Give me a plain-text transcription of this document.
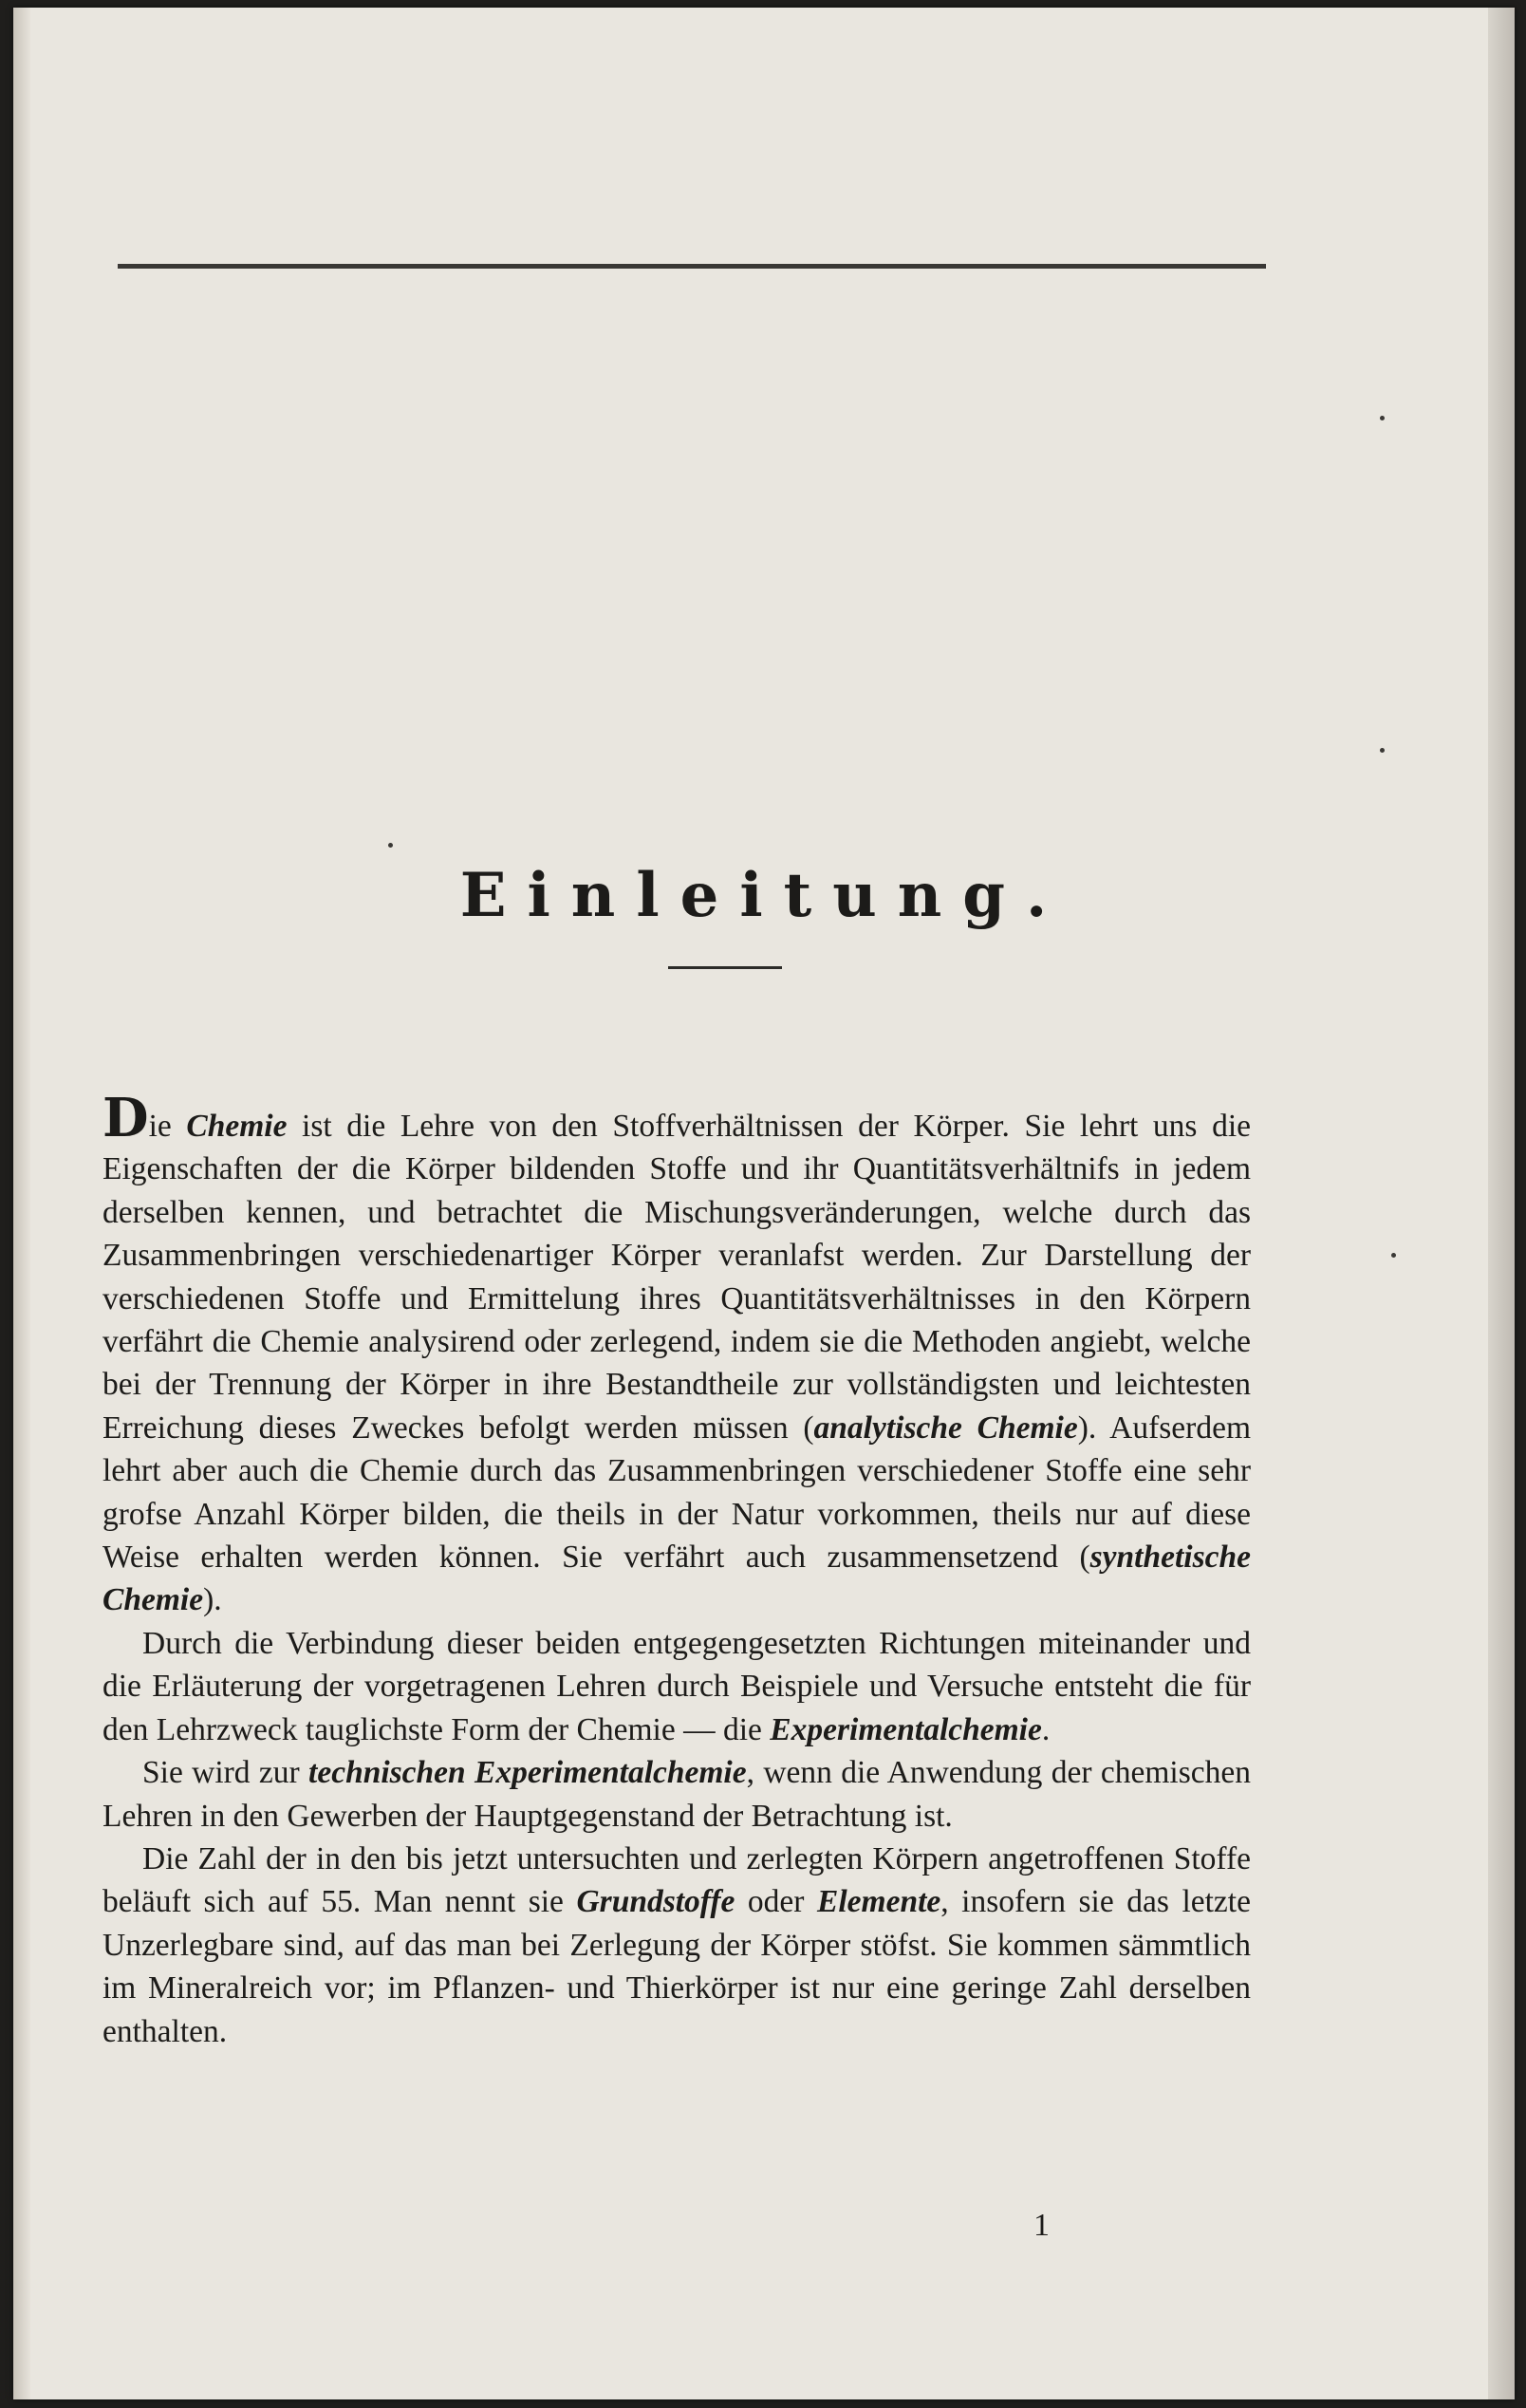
Einleitung.

Die Chemie ist die Lehre von den Stoffverhältnissen der Körper. Sie lehrt uns die Eigenschaften der die Körper bildenden Stoffe und ihr Quantitätsverhältnifs in jedem derselben kennen, und betrachtet die Mischungsveränderungen, welche durch das Zusammenbringen verschiedenartiger Körper veranlafst werden. Zur Darstellung der verschiedenen Stoffe und Ermittelung ihres Quantitätsverhältnisses in den Körpern verfährt die Chemie analysirend oder zerlegend, indem sie die Methoden angiebt, welche bei der Trennung der Körper in ihre Bestandtheile zur vollständigsten und leichtesten Erreichung dieses Zweckes befolgt werden müssen (analytische Chemie). Aufserdem lehrt aber auch die Chemie durch das Zusammenbringen verschiedener Stoffe eine sehr grofse Anzahl Körper bilden, die theils in der Natur vorkommen, theils nur auf diese Weise erhalten werden können. Sie verfährt auch zusammensetzend (synthetische Chemie).

Durch die Verbindung dieser beiden entgegengesetzten Richtungen miteinander und die Erläuterung der vorgetragenen Lehren durch Beispiele und Versuche entsteht die für den Lehrzweck tauglichste Form der Chemie — die Experimentalchemie.

Sie wird zur technischen Experimentalchemie, wenn die Anwendung der chemischen Lehren in den Gewerben der Hauptgegenstand der Betrachtung ist.

Die Zahl der in den bis jetzt untersuchten und zerlegten Körpern angetroffenen Stoffe beläuft sich auf 55. Man nennt sie Grundstoffe oder Elemente, insofern sie das letzte Unzerlegbare sind, auf das man bei Zerlegung der Körper stöfst. Sie kommen sämmtlich im Mineralreich vor; im Pflanzen- und Thierkörper ist nur eine geringe Zahl derselben enthalten.

1
